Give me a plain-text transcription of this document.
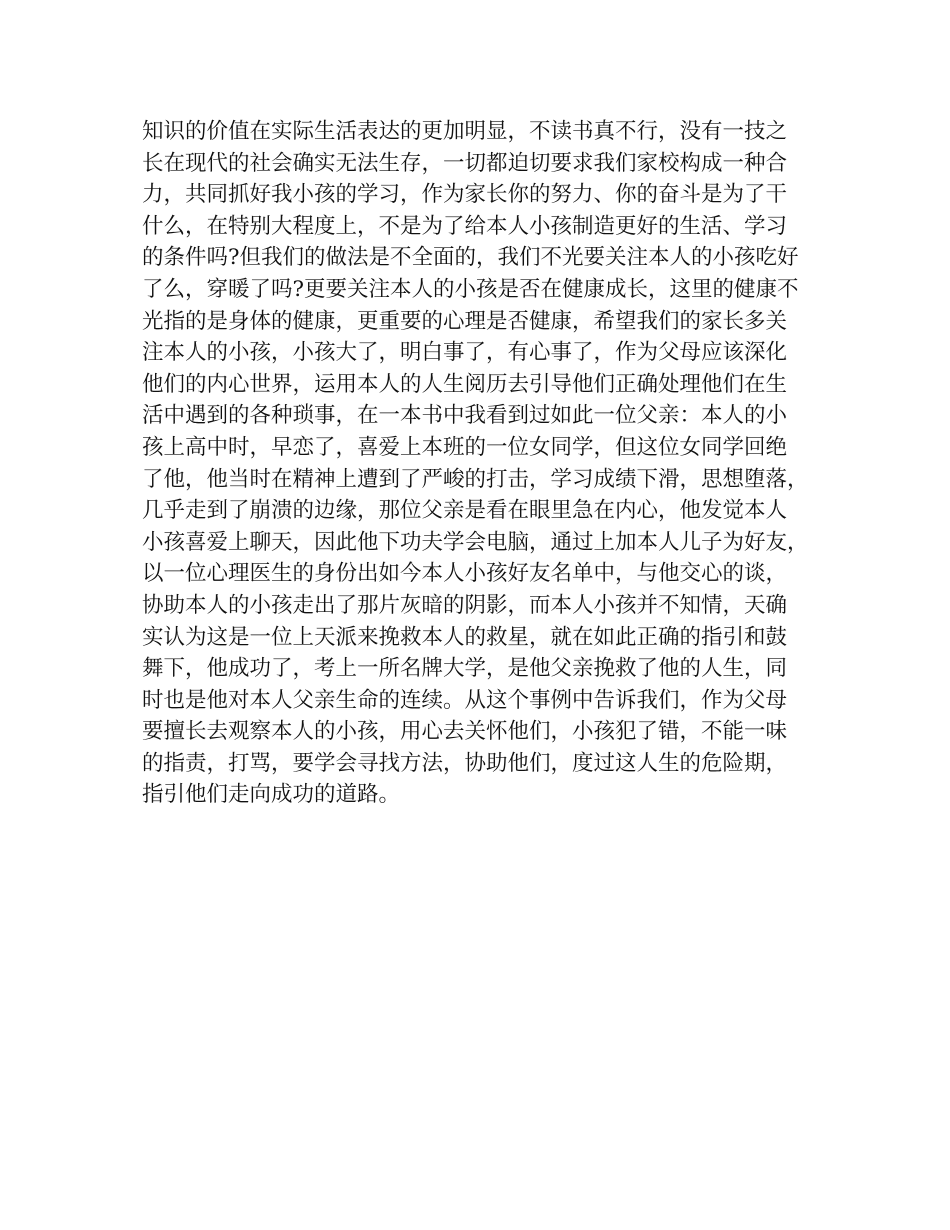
知识的价值在实际生活表达的更加明显，不读书真不行，没有一技之
长在现代的社会确实无法生存，一切都迫切要求我们家校构成一种合
力，共同抓好我小孩的学习，作为家长你的努力、你的奋斗是为了干
什么，在特别大程度上，不是为了给本人小孩制造更好的生活、学习
的条件吗?但我们的做法是不全面的，我们不光要关注本人的小孩吃好
了么，穿暖了吗?更要关注本人的小孩是否在健康成长，这里的健康不
光指的是身体的健康，更重要的心理是否健康，希望我们的家长多关
注本人的小孩，小孩大了，明白事了，有心事了，作为父母应该深化
他们的内心世界，运用本人的人生阅历去引导他们正确处理他们在生
活中遇到的各种琐事，在一本书中我看到过如此一位父亲：本人的小
孩上高中时，早恋了，喜爱上本班的一位女同学，但这位女同学回绝
了他，他当时在精神上遭到了严峻的打击，学习成绩下滑，思想堕落，
几乎走到了崩溃的边缘，那位父亲是看在眼里急在内心，他发觉本人
小孩喜爱上聊天，因此他下功夫学会电脑，通过上加本人儿子为好友，
以一位心理医生的身份出如今本人小孩好友名单中，与他交心的谈，
协助本人的小孩走出了那片灰暗的阴影，而本人小孩并不知情，天确
实认为这是一位上天派来挽救本人的救星，就在如此正确的指引和鼓
舞下，他成功了，考上一所名牌大学，是他父亲挽救了他的人生，同
时也是他对本人父亲生命的连续。从这个事例中告诉我们，作为父母
要擅长去观察本人的小孩，用心去关怀他们，小孩犯了错，不能一味
的指责，打骂，要学会寻找方法，协助他们，度过这人生的危险期，
指引他们走向成功的道路。
